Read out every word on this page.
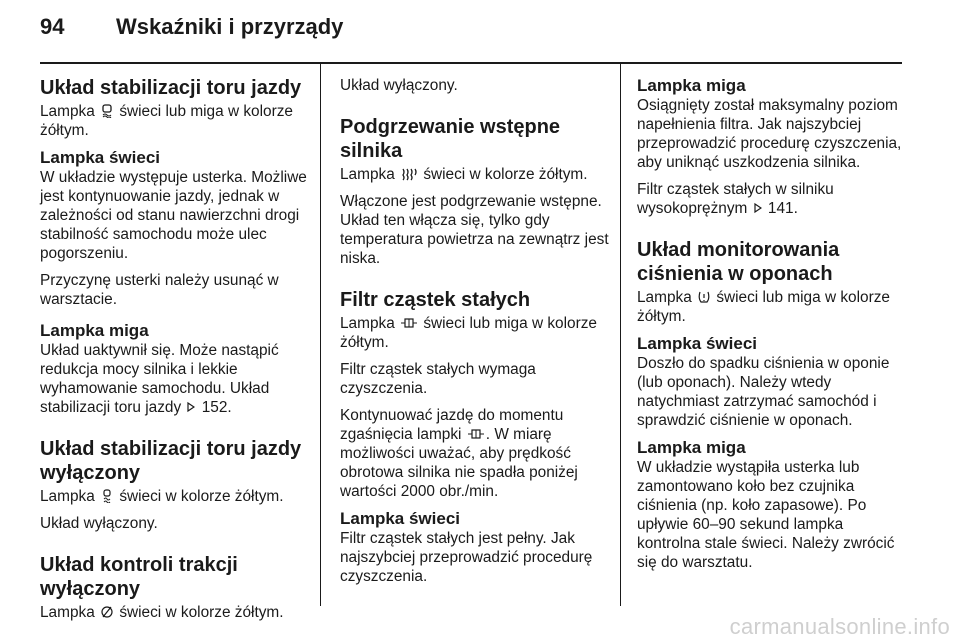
94 Wskaźniki i przyrządy
Układ stabilizacji toru jazdy

Lampka świeci lub miga w kolorze żółtym.

Lampka świeci

W układzie występuje usterka. Możliwe jest kontynuowanie jazdy, jednak w zależności od stanu nawierzchni drogi stabilność samochodu może ulec pogorszeniu.

Przyczynę usterki należy usunąć w warsztacie.

Lampka miga

Układ uaktywnił się. Może nastąpić redukcja mocy silnika i lekkie wyhamowanie samochodu. Układ stabilizacji toru jazdy 152.

Układ stabilizacji toru jazdy wyłączony

Lampka świeci w kolorze żółtym.

Układ wyłączony.

Układ kontroli trakcji wyłączony

Lampka świeci w kolorze żółtym.

Układ wyłączony.

Podgrzewanie wstępne silnika

Lampka świeci w kolorze żółtym.

Włączone jest podgrzewanie wstępne. Układ ten włącza się, tylko gdy temperatura powietrza na zewnątrz jest niska.

Filtr cząstek stałych

Lampka świeci lub miga w kolorze żółtym.

Filtr cząstek stałych wymaga czyszczenia.

Kontynuować jazdę do momentu zgaśnięcia lampki . W miarę możliwości uważać, aby prędkość obrotowa silnika nie spadła poniżej wartości 2000 obr./min.

Lampka świeci

Filtr cząstek stałych jest pełny. Jak najszybciej przeprowadzić procedurę czyszczenia.

Lampka miga

Osiągnięty został maksymalny poziom napełnienia filtra. Jak najszybciej przeprowadzić procedurę czyszczenia, aby uniknąć uszkodzenia silnika.

Filtr cząstek stałych w silniku wysokoprężnym 141.

Układ monitorowania ciśnienia w oponach

Lampka świeci lub miga w kolorze żółtym.

Lampka świeci

Doszło do spadku ciśnienia w oponie (lub oponach). Należy wtedy natychmiast zatrzymać samochód i sprawdzić ciśnienie w oponach.

Lampka miga

W układzie wystąpiła usterka lub zamontowano koło bez czujnika ciśnienia (np. koło zapasowe). Po upływie 60–90 sekund lampka kontrolna stale świeci. Należy zwrócić się do warsztatu.

carmanualsonline.info
